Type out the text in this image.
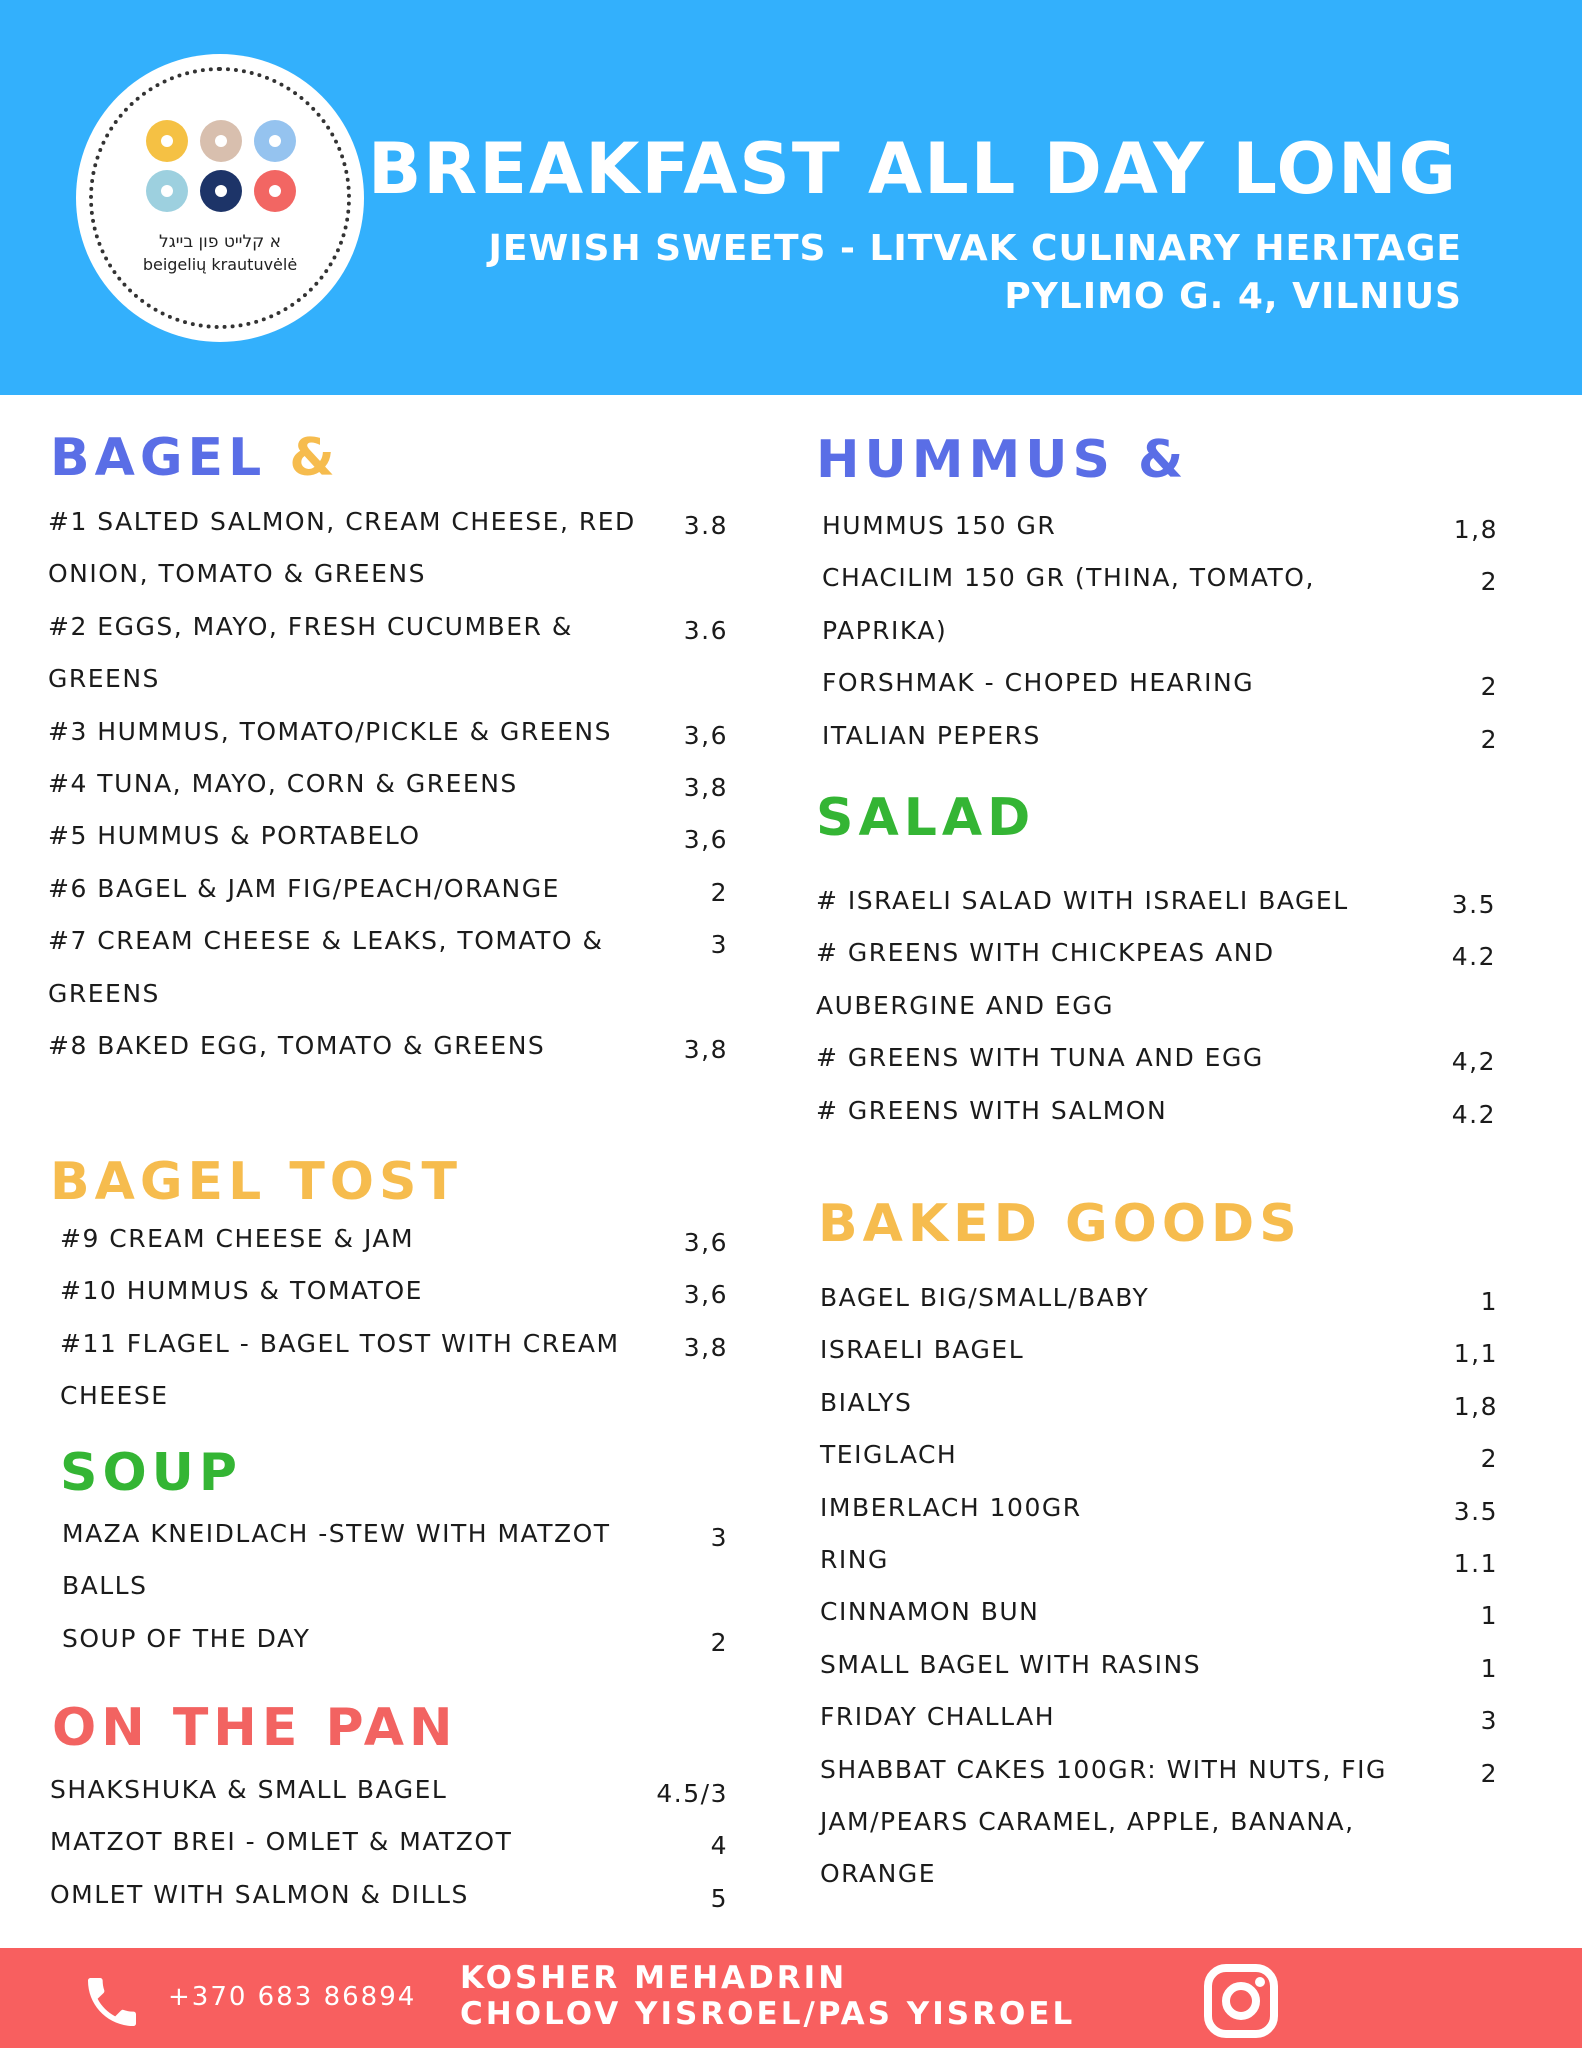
א קלייט פון בייגל
beigelių krautuvėlė
BREAKFAST ALL DAY LONG
JEWISH SWEETS - LITVAK CULINARY HERITAGE
PYLIMO G. 4, VILNIUS
BAGEL &
#1 SALTED SALMON, CREAM CHEESE, RED ONION, TOMATO & GREENS
3.8
#2 EGGS, MAYO, FRESH CUCUMBER & GREENS
3.6
#3 HUMMUS, TOMATO/PICKLE & GREENS	3,6
#4 TUNA, MAYO, CORN & GREENS	3,8
#5 HUMMUS & PORTABELO	3,6
#6 BAGEL & JAM FIG/PEACH/ORANGE	2
#7 CREAM CHEESE & LEAKS, TOMATO & GREENS
3
#8 BAKED EGG, TOMATO & GREENS	3,8
BAGEL TOST
#9 CREAM CHEESE & JAM	3,6
#10 HUMMUS & TOMATOE	3,6
#11 FLAGEL - BAGEL TOST WITH CREAM CHEESE
3,8
SOUP
MAZA KNEIDLACH -STEW WITH MATZOT BALLS
3
SOUP OF THE DAY	2
ON THE PAN
SHAKSHUKA & SMALL BAGEL	4.5/3
MATZOT BREI - OMLET & MATZOT	4
OMLET WITH SALMON & DILLS	5
HUMMUS &
HUMMUS 150 GR	1,8
CHACILIM 150 GR (THINA, TOMATO, PAPRIKA)
2
FORSHMAK - CHOPED HEARING	2
ITALIAN PEPERS	2
SALAD
# ISRAELI SALAD WITH ISRAELI BAGEL	3.5
# GREENS WITH CHICKPEAS AND AUBERGINE AND EGG
4.2
# GREENS WITH TUNA AND EGG	4,2
# GREENS WITH SALMON	4.2
BAKED GOODS
BAGEL BIG/SMALL/BABY	1
ISRAELI BAGEL	1,1
BIALYS	1,8
TEIGLACH	2
IMBERLACH 100GR	3.5
RING	1.1
CINNAMON BUN	1
SMALL BAGEL WITH RASINS	1
FRIDAY CHALLAH	3
SHABBAT CAKES 100GR: WITH NUTS, FIG JAM/PEARS CARAMEL, APPLE, BANANA, ORANGE
2
+370 683 86894
KOSHER MEHADRIN
CHOLOV YISROEL/PAS YISROEL
